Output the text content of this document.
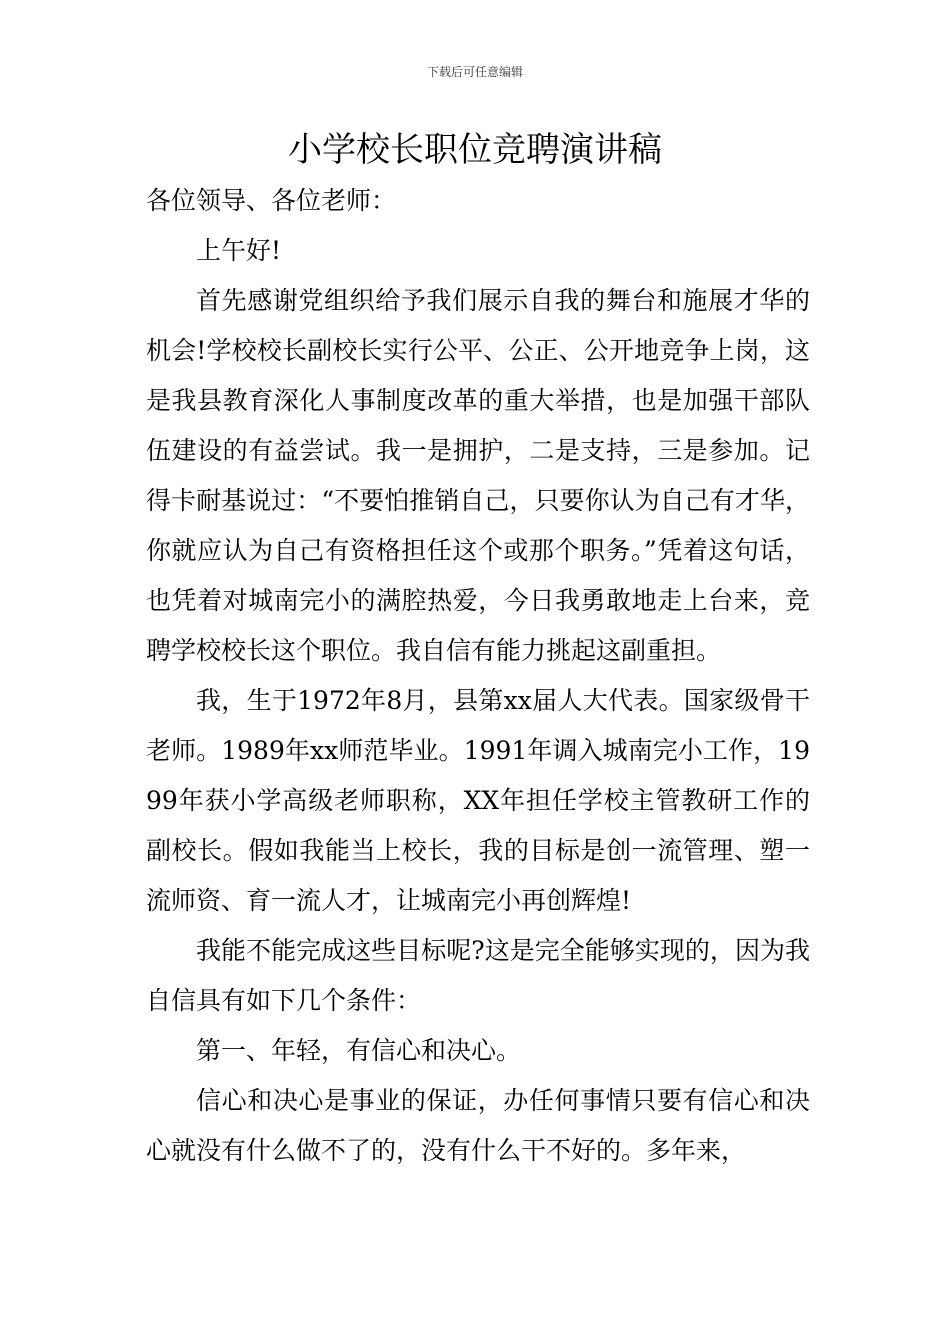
下载后可任意编辑
小学校长职位竞聘演讲稿

各位领导、各位老师：

上午好!

首先感谢党组织给予我们展示自我的舞台和施展才华的机会!学校校长副校长实行公平、公正、公开地竞争上岗，这是我县教育深化人事制度改革的重大举措，也是加强干部队伍建设的有益尝试。我一是拥护，二是支持，三是参加。记得卡耐基说过：“不要怕推销自己，只要你认为自己有才华，你就应认为自己有资格担任这个或那个职务。”凭着这句话，也凭着对城南完小的满腔热爱，今日我勇敢地走上台来，竞聘学校校长这个职位。我自信有能力挑起这副重担。

我，生于1972年8月，县第xx届人大代表。国家级骨干老师。1989年xx师范毕业。1991年调入城南完小工作，1999年获小学高级老师职称，XX年担任学校主管教研工作的副校长。假如我能当上校长，我的目标是创一流管理、塑一流师资、育一流人才，让城南完小再创辉煌!

我能不能完成这些目标呢?这是完全能够实现的，因为我自信具有如下几个条件：

第一、年轻，有信心和决心。

信心和决心是事业的保证，办任何事情只要有信心和决心就没有什么做不了的，没有什么干不好的。多年来，
